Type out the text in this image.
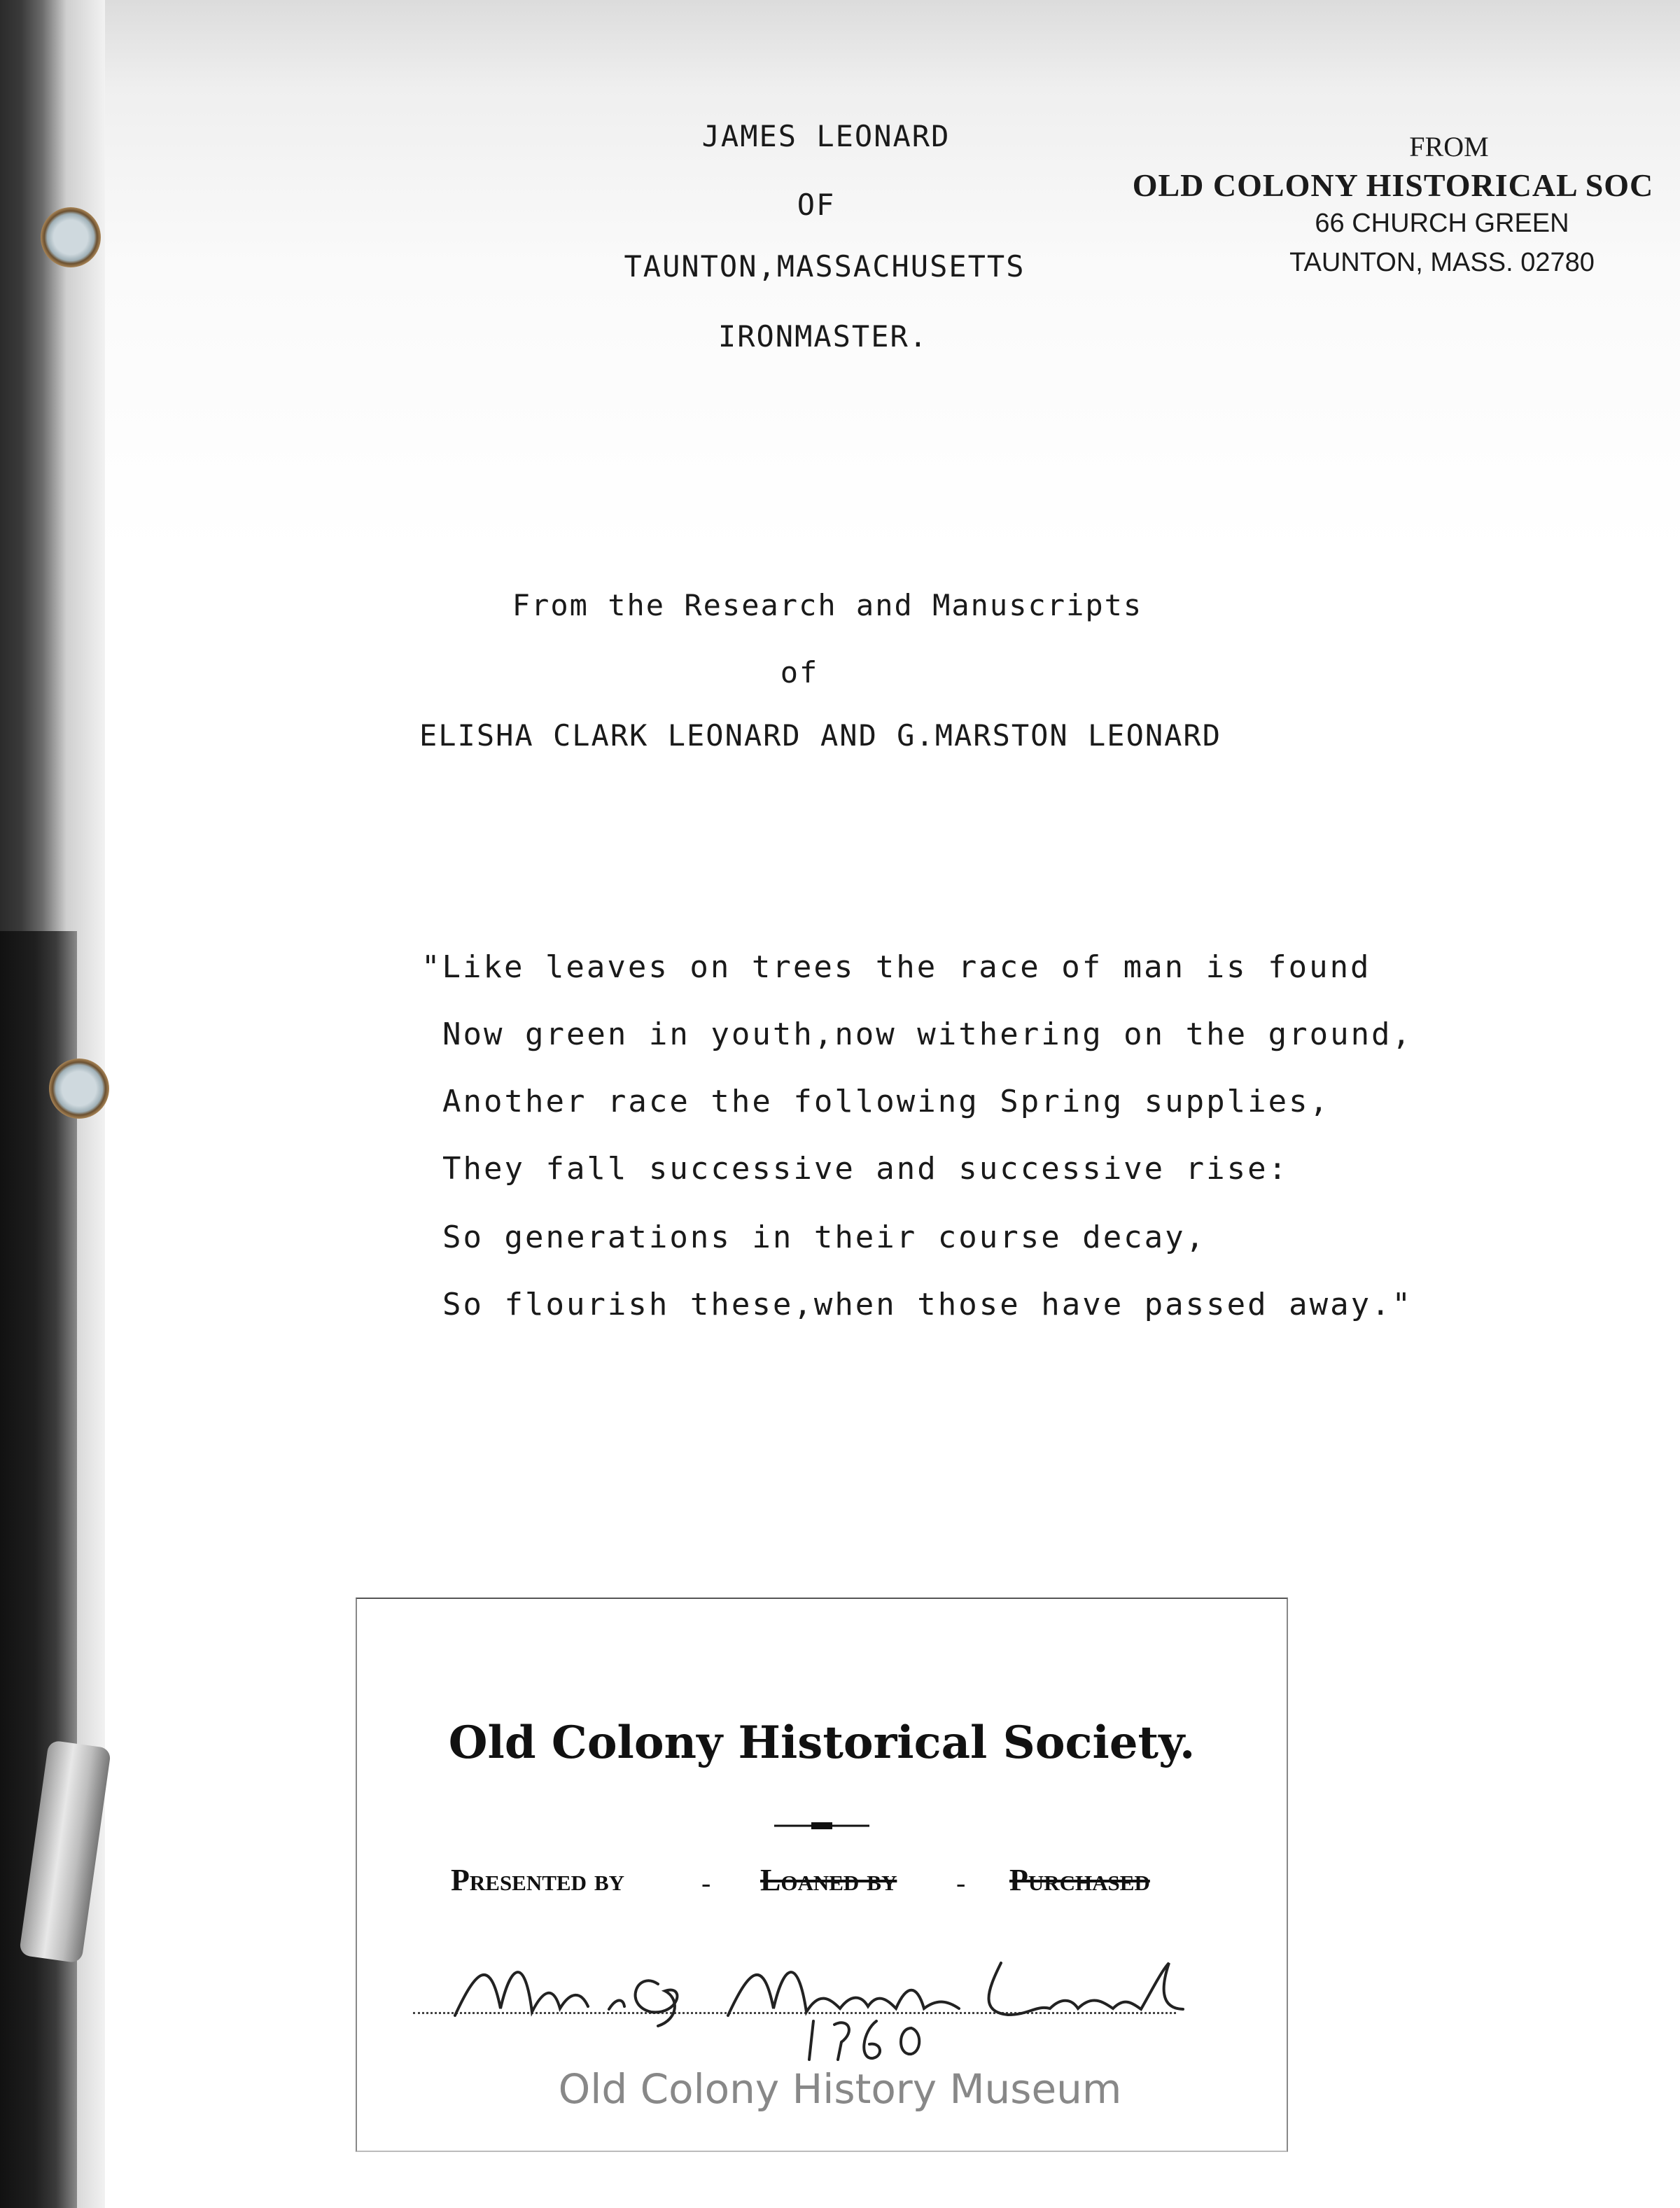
JAMES LEONARD
OF
TAUNTON,MASSACHUSETTS
IRONMASTER.
FROM
OLD COLONY HISTORICAL SOC
66 CHURCH GREEN
TAUNTON, MASS. 02780
From the Research and Manuscripts
of
ELISHA CLARK LEONARD AND G.MARSTON LEONARD
"Like leaves on trees the race of man is found
Now green in youth,now withering on the ground,
Another race the following Spring supplies,
They fall successive and successive rise:
So generations in their course decay,
So flourish these,when those have passed away."
Old Colony Historical Society.
Presented by	- Loaned by - Purchased
Old Colony History Museum
